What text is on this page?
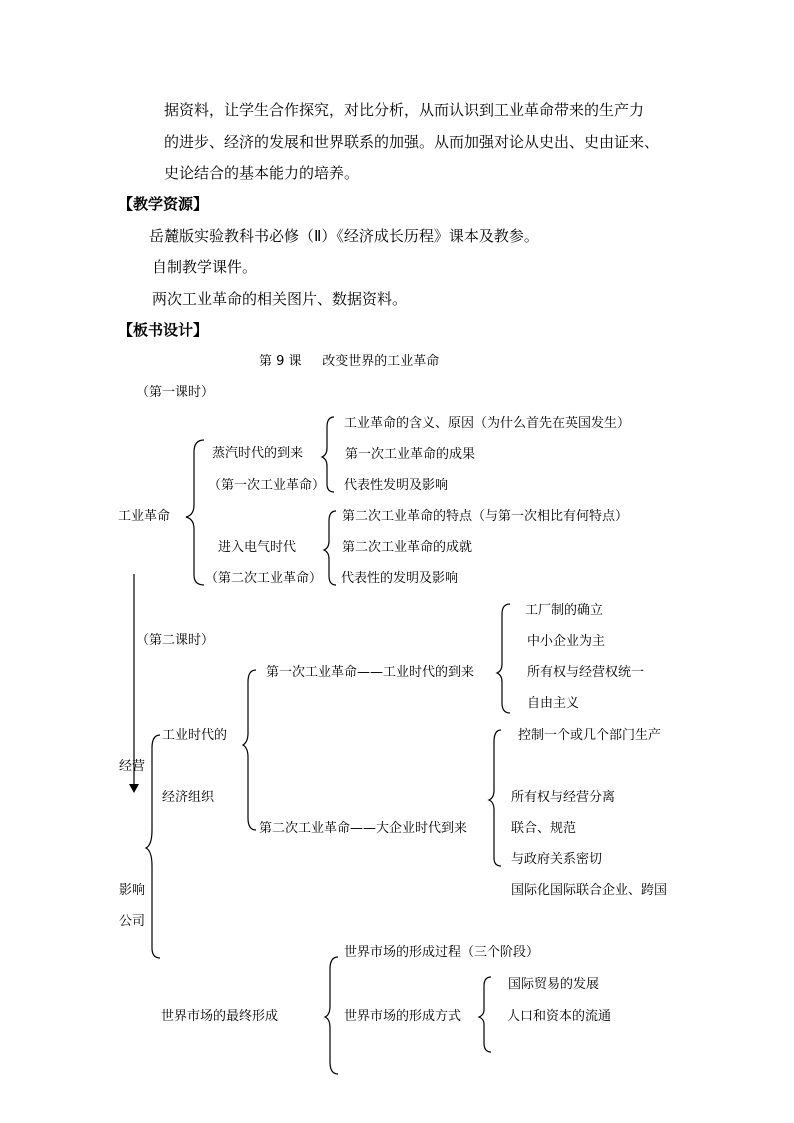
据资料，让学生合作探究，对比分析，从而认识到工业革命带来的生产力
的进步、经济的发展和世界联系的加强。从而加强对论从史出、史由证来、
史论结合的基本能力的培养。
【教学资源】
岳麓版实验教科书必修（Ⅱ）《经济成长历程》课本及教参。
自制教学课件。
两次工业革命的相关图片、数据资料。
【板书设计】
第 9 课     改变世界的工业革命
（第一课时）
蒸汽时代的到来
（第一次工业革命）
工业革命的含义、原因（为什么首先在英国发生）
第一次工业革命的成果
代表性发明及影响
工业革命
进入电气时代
（第二次工业革命）
第二次工业革命的特点（与第一次相比有何特点）
第二次工业革命的成就
代表性的发明及影响
（第二课时）
第一次工业革命——工业时代的到来
工厂制的确立
中小企业为主
所有权与经营权统一
自由主义
工业时代的
经营
经济组织
控制一个或几个部门生产
所有权与经营分离
第二次工业革命——大企业时代到来	联合、规范
与政府关系密切
国际化国际联合企业、跨国
影响
公司
世界市场的形成过程（三个阶段）
国际贸易的发展
世界市场的最终形成	世界市场的形成方式	人口和资本的流通
